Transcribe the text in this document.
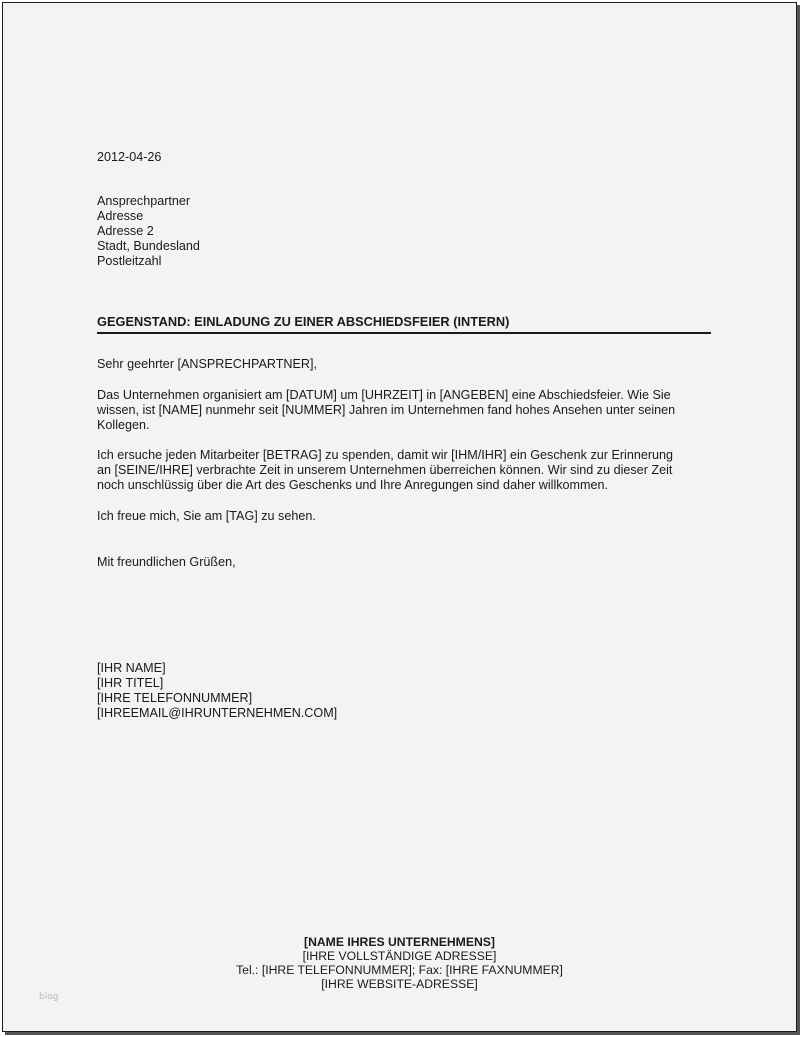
2012-04-26
Ansprechpartner
Adresse
Adresse 2
Stadt, Bundesland
Postleitzahl
GEGENSTAND: EINLADUNG ZU EINER ABSCHIEDSFEIER (INTERN)
Sehr geehrter [ANSPRECHPARTNER],
Das Unternehmen organisiert am [DATUM] um [UHRZEIT] in [ANGEBEN] eine Abschiedsfeier. Wie Sie
wissen, ist [NAME] nunmehr seit [NUMMER] Jahren im Unternehmen fand hohes Ansehen unter seinen
Kollegen.
Ich ersuche jeden Mitarbeiter [BETRAG] zu spenden, damit wir [IHM/IHR] ein Geschenk zur Erinnerung
an [SEINE/IHRE] verbrachte Zeit in unserem Unternehmen überreichen können. Wir sind zu dieser Zeit
noch unschlüssig über die Art des Geschenks und Ihre Anregungen sind daher willkommen.
Ich freue mich, Sie am [TAG] zu sehen.
Mit freundlichen Grüßen,
[IHR NAME]
[IHR TITEL]
[IHRE TELEFONNUMMER]
[IHREEMAIL@IHRUNTERNEHMEN.COM]
[NAME IHRES UNTERNEHMENS]
[IHRE VOLLSTÄNDIGE ADRESSE]
Tel.: [IHRE TELEFONNUMMER]; Fax: [IHRE FAXNUMMER]
[IHRE WEBSITE-ADRESSE]
blog
